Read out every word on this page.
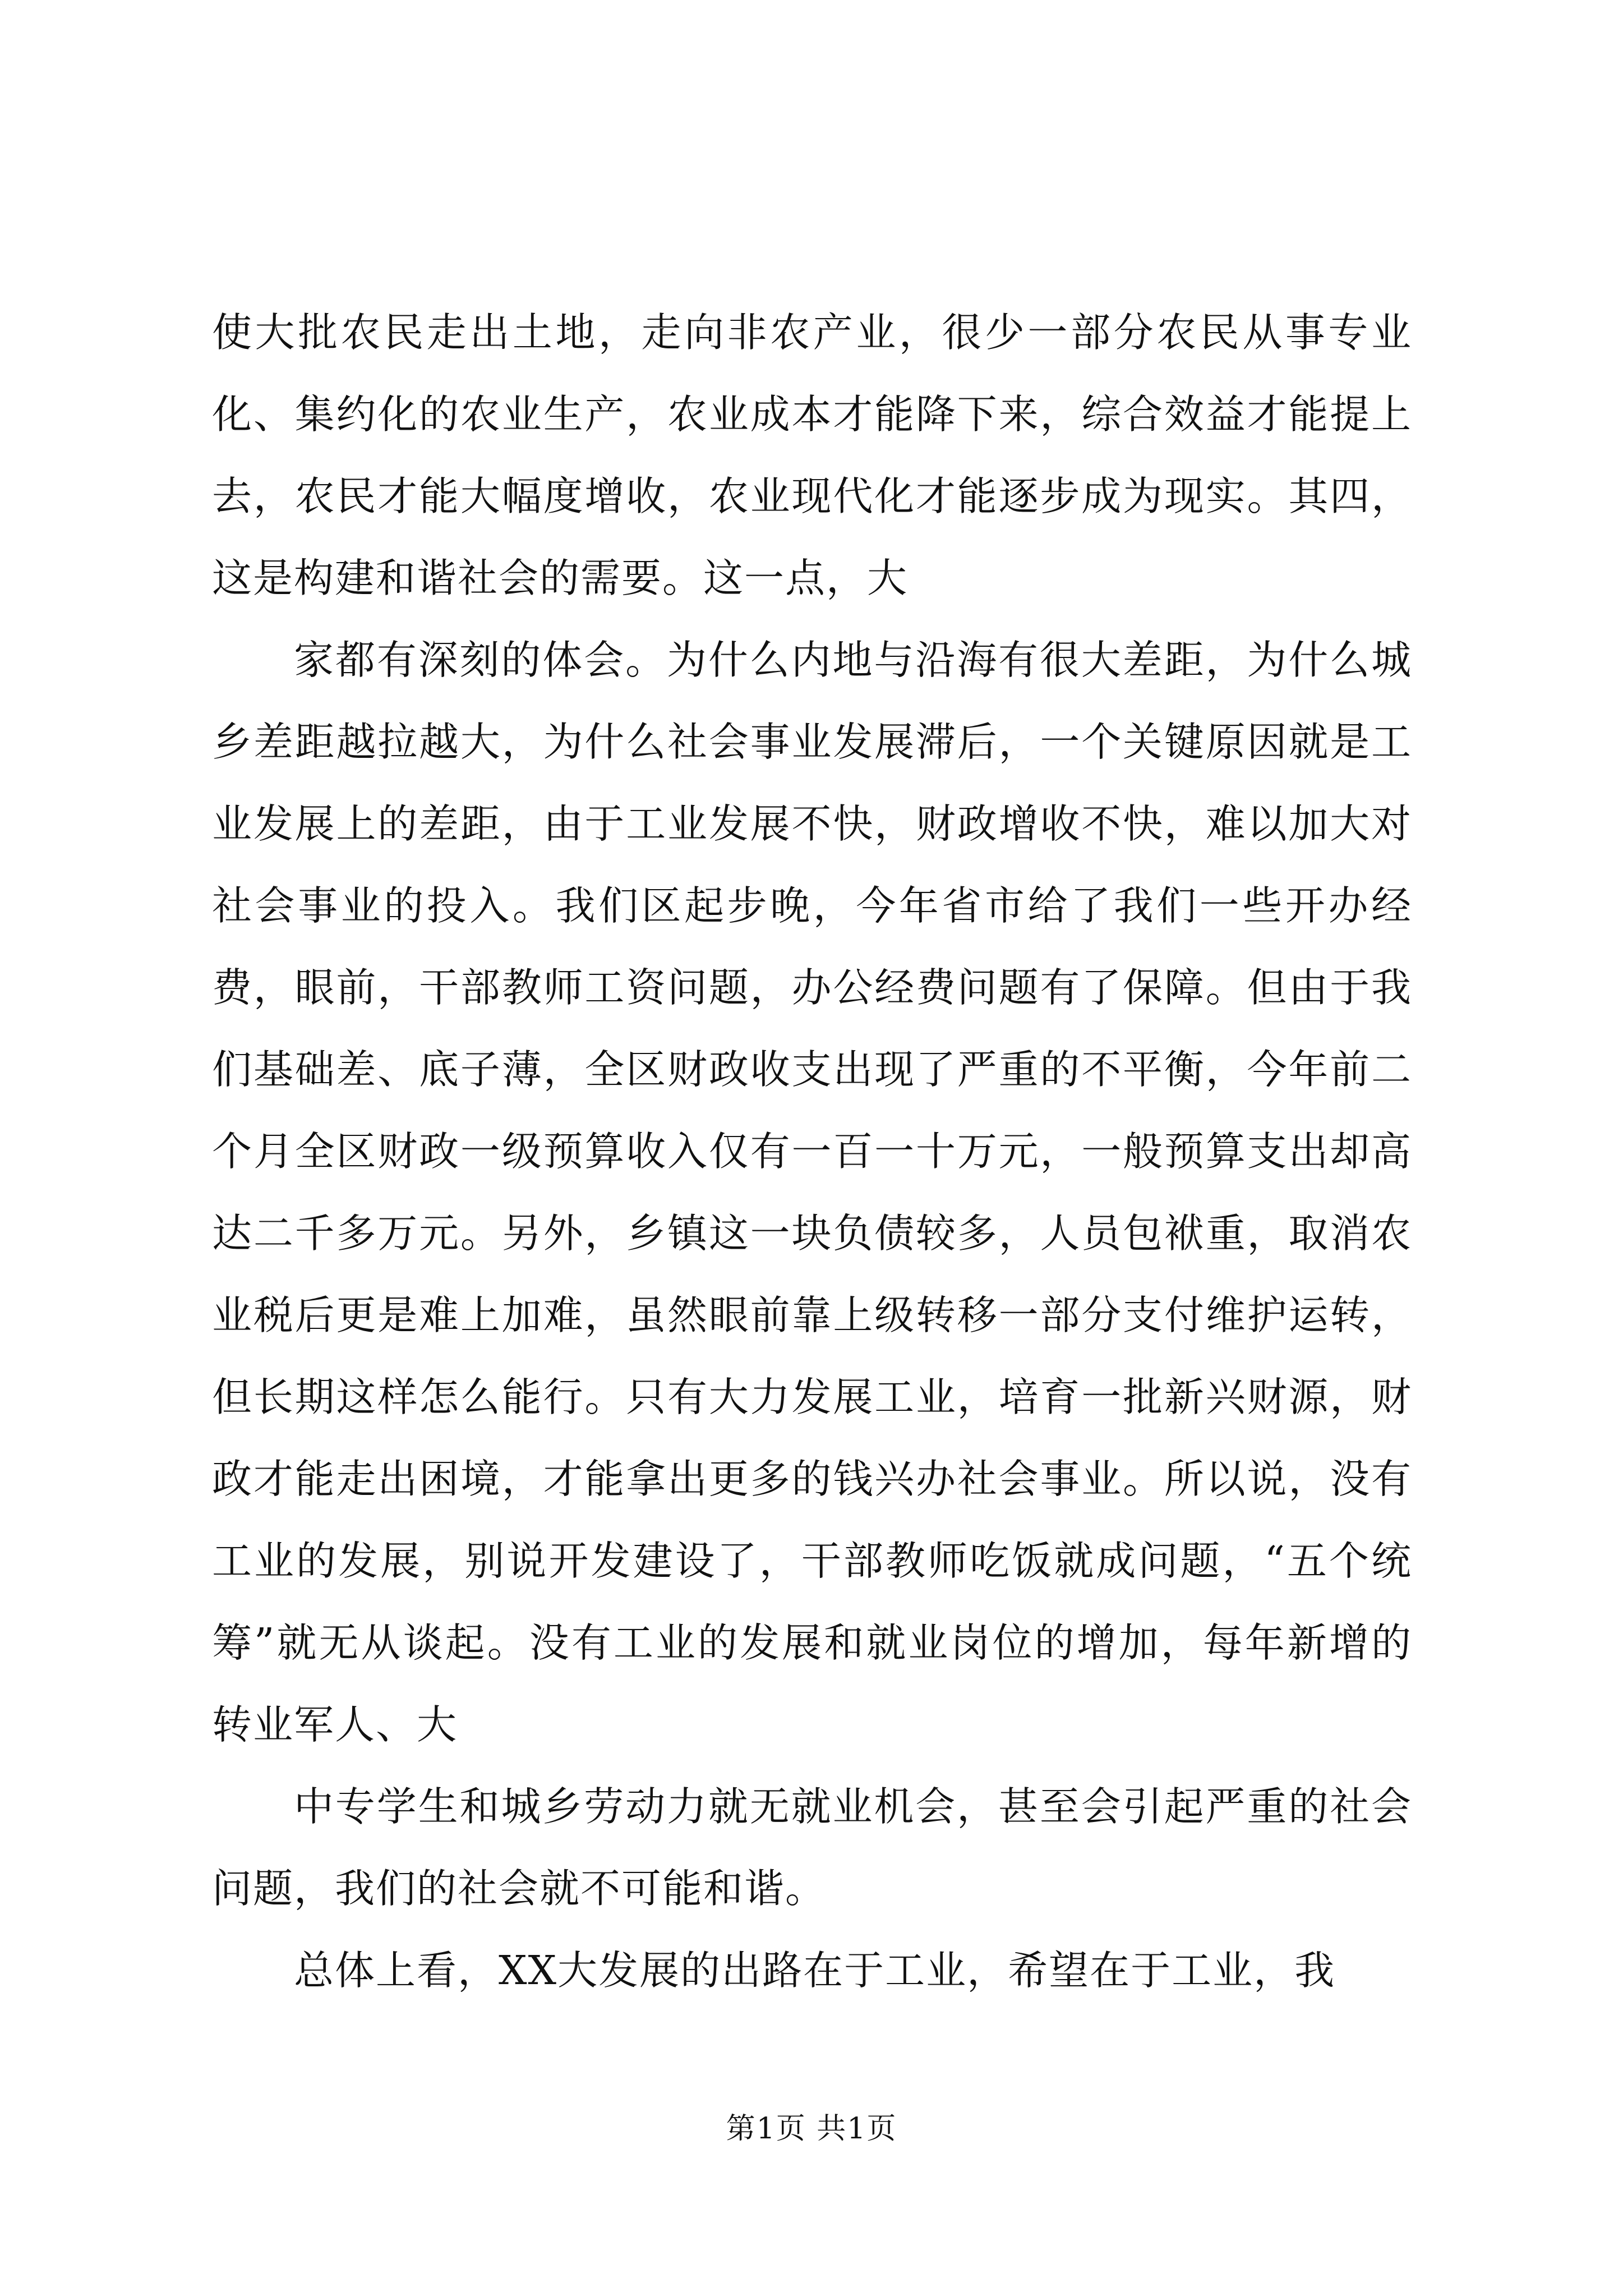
使大批农民走出土地，走向非农产业，很少一部分农民从事专业化、集约化的农业生产，农业成本才能降下来，综合效益才能提上去，农民才能大幅度增收，农业现代化才能逐步成为现实。其四，这是构建和谐社会的需要。这一点，大

家都有深刻的体会。为什么内地与沿海有很大差距，为什么城乡差距越拉越大，为什么社会事业发展滞后，一个关键原因就是工业发展上的差距，由于工业发展不快，财政增收不快，难以加大对社会事业的投入。我们区起步晚，今年省市给了我们一些开办经费，眼前，干部教师工资问题，办公经费问题有了保障。但由于我们基础差、底子薄，全区财政收支出现了严重的不平衡，今年前二个月全区财政一级预算收入仅有一百一十万元，一般预算支出却高达二千多万元。另外，乡镇这一块负债较多，人员包袱重，取消农业税后更是难上加难，虽然眼前靠上级转移一部分支付维护运转，但长期这样怎么能行。只有大力发展工业，培育一批新兴财源，财政才能走出困境，才能拿出更多的钱兴办社会事业。所以说，没有工业的发展，别说开发建设了，干部教师吃饭就成问题，“五个统筹”就无从谈起。没有工业的发展和就业岗位的增加，每年新增的转业军人、大

中专学生和城乡劳动力就无就业机会，甚至会引起严重的社会问题，我们的社会就不可能和谐。

总体上看，XX大发展的出路在于工业，希望在于工业，我

第1页 共1页
